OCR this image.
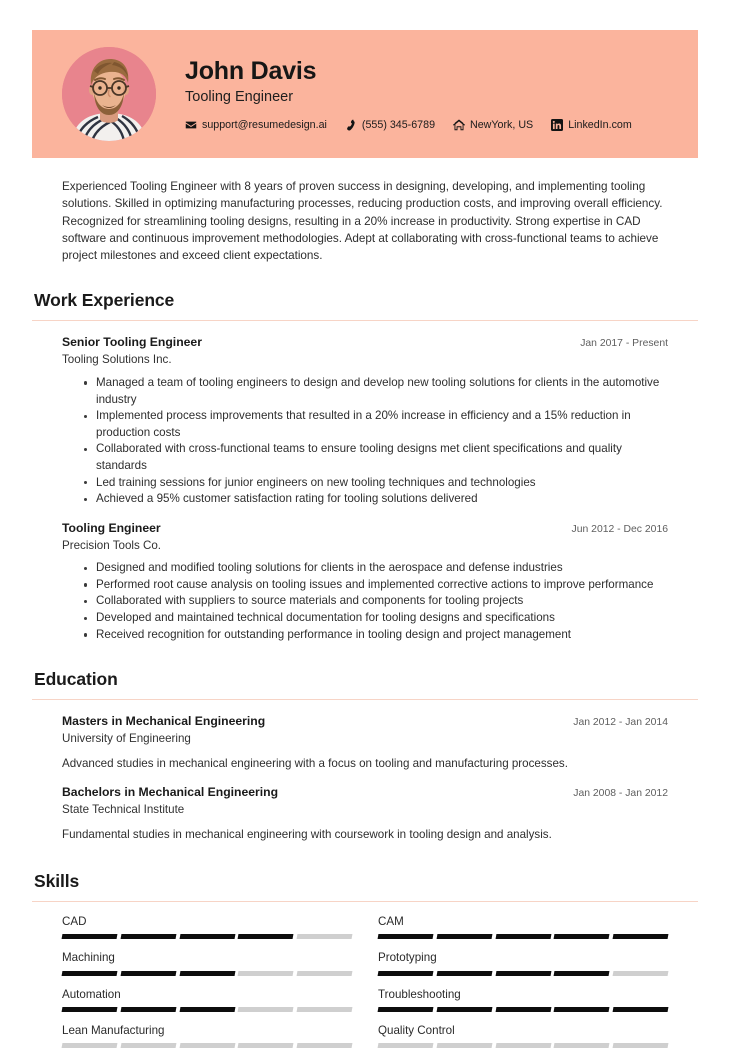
John Davis
Tooling Engineer
support@resumedesign.ai	(555) 345-6789	NewYork, US	LinkedIn.com

Experienced Tooling Engineer with 8 years of proven success in designing, developing, and implementing tooling solutions. Skilled in optimizing manufacturing processes, reducing production costs, and improving overall efficiency. Recognized for streamlining tooling designs, resulting in a 20% increase in productivity. Strong expertise in CAD software and continuous improvement methodologies. Adept at collaborating with cross-functional teams to achieve project milestones and exceed client expectations.

Work Experience
Senior Tooling Engineer	Jan 2017 - Present
Tooling Solutions Inc.
Managed a team of tooling engineers to design and develop new tooling solutions for clients in the automotive industry
Implemented process improvements that resulted in a 20% increase in efficiency and a 15% reduction in production costs
Collaborated with cross-functional teams to ensure tooling designs met client specifications and quality standards
Led training sessions for junior engineers on new tooling techniques and technologies
Achieved a 95% customer satisfaction rating for tooling solutions delivered
Tooling Engineer	Jun 2012 - Dec 2016
Precision Tools Co.
Designed and modified tooling solutions for clients in the aerospace and defense industries
Performed root cause analysis on tooling issues and implemented corrective actions to improve performance
Collaborated with suppliers to source materials and components for tooling projects
Developed and maintained technical documentation for tooling designs and specifications
Received recognition for outstanding performance in tooling design and project management
Education
Masters in Mechanical Engineering	Jan 2012 - Jan 2014
University of Engineering
Advanced studies in mechanical engineering with a focus on tooling and manufacturing processes.
Bachelors in Mechanical Engineering	Jan 2008 - Jan 2012
State Technical Institute
Fundamental studies in mechanical engineering with coursework in tooling design and analysis.
Skills
CAD	CAM
Machining	Prototyping
Automation	Troubleshooting
Lean Manufacturing	Quality Control
